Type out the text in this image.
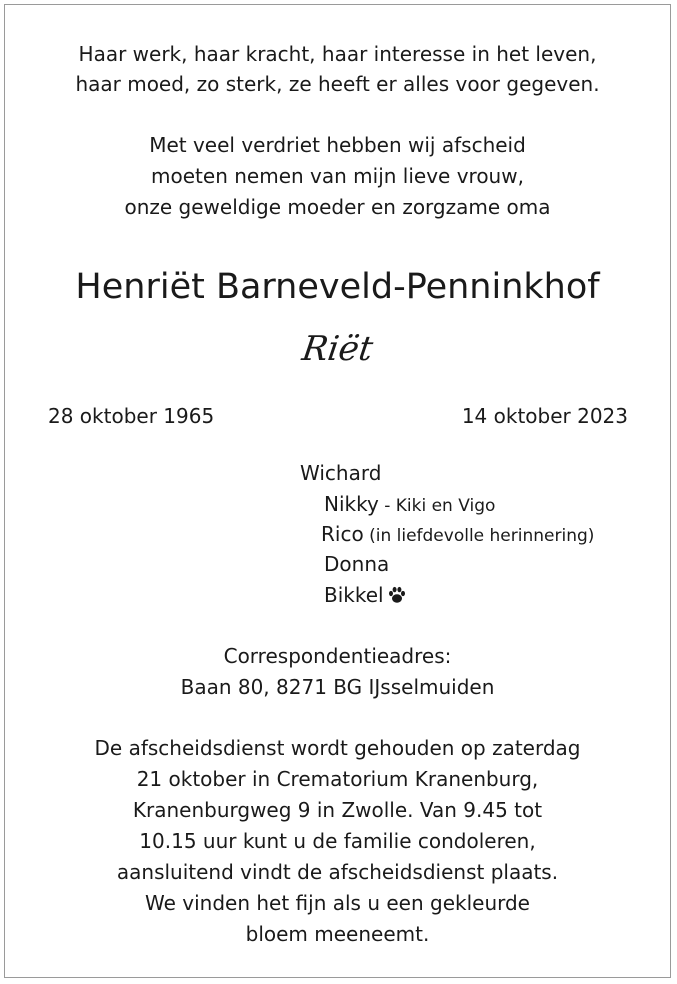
Haar werk, haar kracht, haar interesse in het leven,
haar moed, zo sterk, ze heeft er alles voor gegeven.
Met veel verdriet hebben wij afscheid
moeten nemen van mijn lieve vrouw,
onze geweldige moeder en zorgzame oma
Henriët Barneveld-Penninkhof
Riët
28 oktober 1965	14 oktober 2023
Wichard
Nikky - Kiki en Vigo
Rico (in liefdevolle herinnering)
Donna
Bikkel
Correspondentieadres:
Baan 80, 8271 BG IJsselmuiden
De afscheidsdienst wordt gehouden op zaterdag
21 oktober in Crematorium Kranenburg,
Kranenburgweg 9 in Zwolle. Van 9.45 tot
10.15 uur kunt u de familie condoleren,
aansluitend vindt de afscheidsdienst plaats.
We vinden het fijn als u een gekleurde
bloem meeneemt.
